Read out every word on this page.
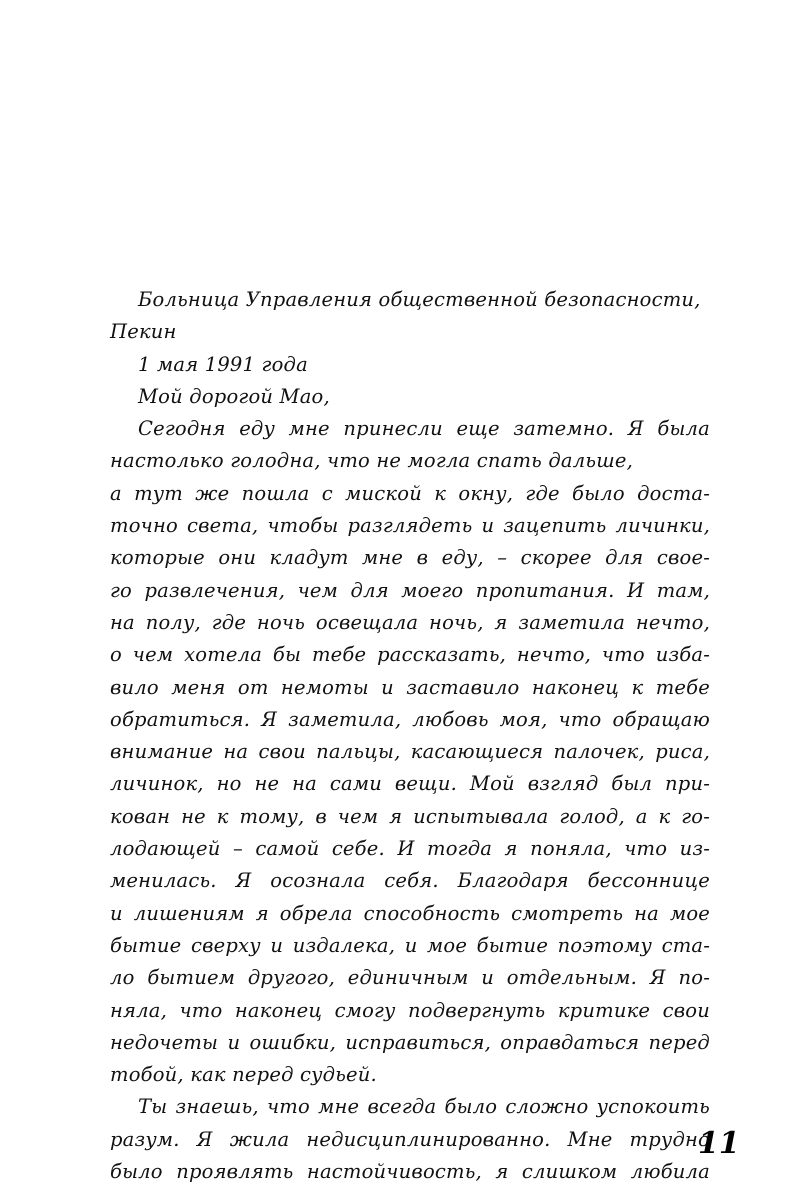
Больница Управления общественной безопасности,
Пекин
1 мая 1991 года
Мой дорогой Мао,
Сегодня еду мне принесли еще затемно. Я была
настолько голодна, что не могла спать дальше,
а тут же пошла с миской к окну, где было доста-
точно света, чтобы разглядеть и зацепить личинки,
которые они кладут мне в еду, – скорее для свое-
го развлечения, чем для моего пропитания. И там,
на полу, где ночь освещала ночь, я заметила нечто,
о чем хотела бы тебе рассказать, нечто, что изба-
вило меня от немоты и заставило наконец к тебе
обратиться. Я заметила, любовь моя, что обращаю
внимание на свои пальцы, касающиеся палочек, риса,
личинок, но не на сами вещи. Мой взгляд был при-
кован не к тому, в чем я испытывала голод, а к го-
лодающей – самой себе. И тогда я поняла, что из-
менилась. Я осознала себя. Благодаря бессоннице
и лишениям я обрела способность смотреть на мое
бытие сверху и издалека, и мое бытие поэтому ста-
ло бытием другого, единичным и отдельным. Я по-
няла, что наконец смогу подвергнуть критике свои
недочеты и ошибки, исправиться, оправдаться перед
тобой, как перед судьей.
Ты знаешь, что мне всегда было сложно успокоить
разум. Я жила недисциплинированно. Мне трудно
было проявлять настойчивость, я слишком любила
11
